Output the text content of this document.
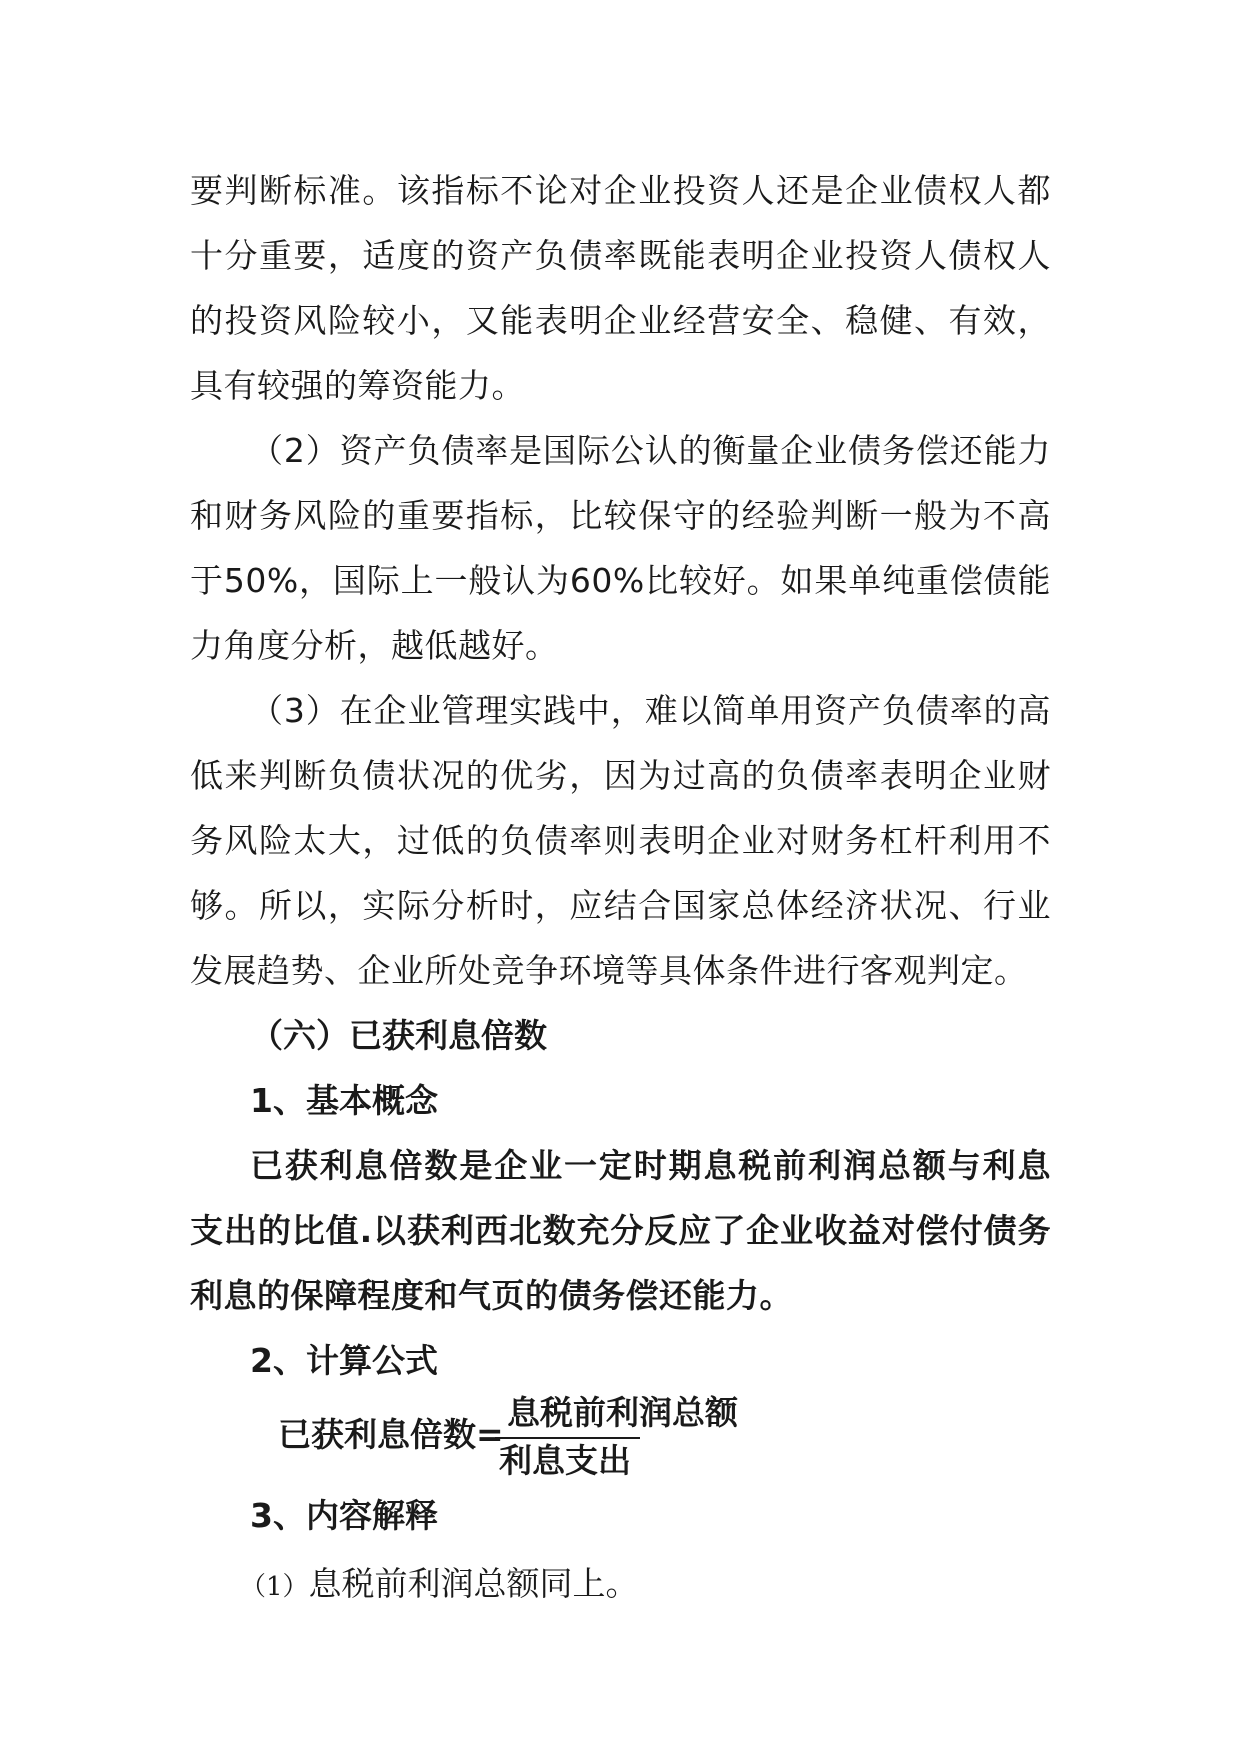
要判断标准。该指标不论对企业投资人还是企业债权人都十分重要，适度的资产负债率既能表明企业投资人债权人的投资风险较小，又能表明企业经营安全、稳健、有效，具有较强的筹资能力。

（2）资产负债率是国际公认的衡量企业债务偿还能力和财务风险的重要指标，比较保守的经验判断一般为不高于50%，国际上一般认为60%比较好。如果单纯重偿债能力角度分析，越低越好。

（3）在企业管理实践中，难以简单用资产负债率的高低来判断负债状况的优劣，因为过高的负债率表明企业财务风险太大，过低的负债率则表明企业对财务杠杆利用不够。所以，实际分析时，应结合国家总体经济状况、行业发展趋势、企业所处竞争环境等具体条件进行客观判定。

（六）已获利息倍数

1、基本概念

已获利息倍数是企业一定时期息税前利润总额与利息支出的比值.以获利西北数充分反应了企业收益对偿付债务利息的保障程度和气页的债务偿还能力。

2、计算公式

已获利息倍数=
息税前利润总额
利息支出

3、内容解释

（1）息税前利润总额同上。
